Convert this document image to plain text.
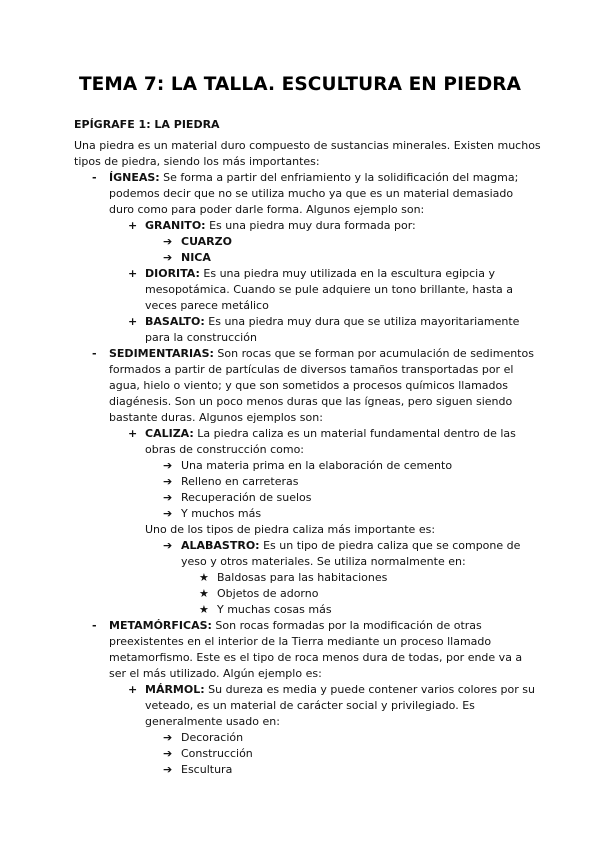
TEMA 7: LA TALLA. ESCULTURA EN PIEDRA
EPÍGRAFE 1: LA PIEDRA
Una piedra es un material duro compuesto de sustancias minerales. Existen muchos
tipos de piedra, siendo los más importantes:
- ÍGNEAS: Se forma a partir del enfriamiento y la solidificación del magma;
podemos decir que no se utiliza mucho ya que es un material demasiado
duro como para poder darle forma. Algunos ejemplo son:
+ GRANITO: Es una piedra muy dura formada por:
➔ CUARZO
➔ NICA
+ DIORITA: Es una piedra muy utilizada en la escultura egipcia y
mesopotámica. Cuando se pule adquiere un tono brillante, hasta a
veces parece metálico
+ BASALTO: Es una piedra muy dura que se utiliza mayoritariamente
para la construcción
- SEDIMENTARIAS: Son rocas que se forman por acumulación de sedimentos
formados a partir de partículas de diversos tamaños transportadas por el
agua, hielo o viento; y que son sometidos a procesos químicos llamados
diagénesis. Son un poco menos duras que las ígneas, pero siguen siendo
bastante duras. Algunos ejemplos son:
+ CALIZA: La piedra caliza es un material fundamental dentro de las
obras de construcción como:
➔ Una materia prima en la elaboración de cemento
➔ Relleno en carreteras
➔ Recuperación de suelos
➔ Y muchos más
Uno de los tipos de piedra caliza más importante es:
➔ ALABASTRO: Es un tipo de piedra caliza que se compone de
yeso y otros materiales. Se utiliza normalmente en:
★ Baldosas para las habitaciones
★ Objetos de adorno
★ Y muchas cosas más
- METAMÓRFICAS: Son rocas formadas por la modificación de otras
preexistentes en el interior de la Tierra mediante un proceso llamado
metamorfismo. Este es el tipo de roca menos dura de todas, por ende va a
ser el más utilizado. Algún ejemplo es:
+ MÁRMOL: Su dureza es media y puede contener varios colores por su
veteado, es un material de carácter social y privilegiado. Es
generalmente usado en:
➔ Decoración
➔ Construcción
➔ Escultura
